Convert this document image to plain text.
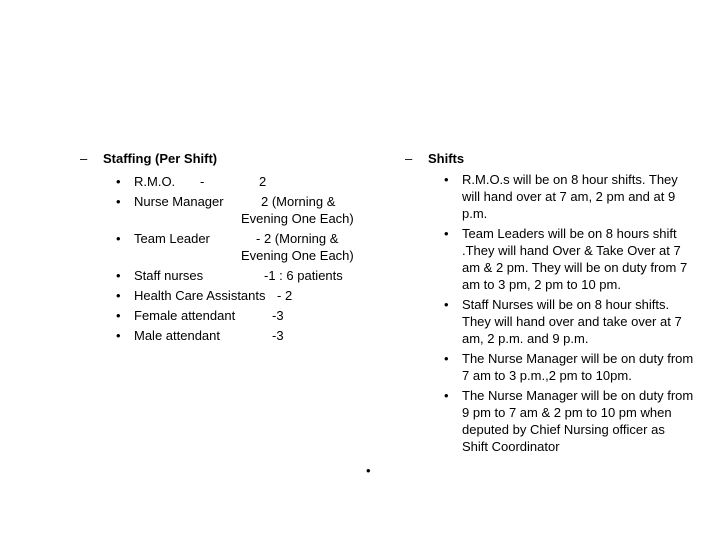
– Staffing (Per Shift)
• R.M.O. -	2
• Nurse Manager	2 (Morning &
Evening One Each)
• Team Leader	- 2 (Morning &
Evening One Each)
• Staff nurses	-1 : 6 patients
• Health Care Assistants - 2
• Female attendant	-3
• Male attendant	-3
– Shifts
• R.M.O.s will be on 8 hour shifts. They will hand over at 7 am, 2 pm and at 9 p.m.
• Team Leaders will be on 8 hours shift .They will hand Over & Take Over at 7 am & 2 pm. They will be on duty from 7 am to 3 pm, 2 pm to 10 pm.
• Staff Nurses will be on 8 hour shifts. They will hand over and take over at 7 am, 2 p.m. and 9 p.m.
• The Nurse Manager will be on duty from 7 am to 3 p.m.,2 pm to 10pm.
• The Nurse Manager will be on duty from 9 pm to 7 am & 2 pm to 10 pm when deputed by Chief Nursing officer as Shift Coordinator
•
